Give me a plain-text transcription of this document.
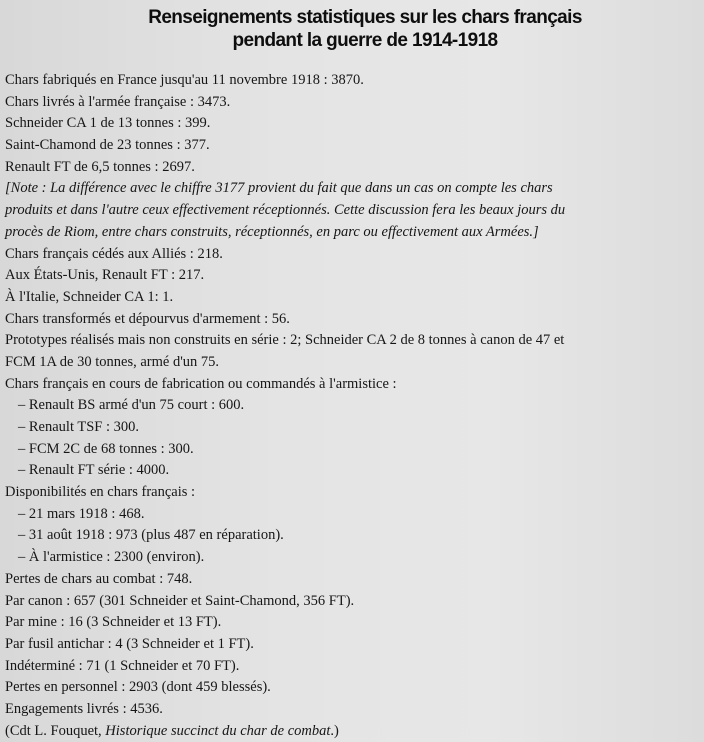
Renseignements statistiques sur les chars français
pendant la guerre de 1914-1918
Chars fabriqués en France jusqu'au 11 novembre 1918 : 3870.
Chars livrés à l'armée française : 3473.
Schneider CA 1 de 13 tonnes : 399.
Saint-Chamond de 23 tonnes : 377.
Renault FT de 6,5 tonnes : 2697.
[Note : La différence avec le chiffre 3177 provient du fait que dans un cas on compte les chars
produits et dans l'autre ceux effectivement réceptionnés. Cette discussion fera les beaux jours du
procès de Riom, entre chars construits, réceptionnés, en parc ou effectivement aux Armées.]
Chars français cédés aux Alliés : 218.
Aux États-Unis, Renault FT : 217.
À l'Italie, Schneider CA 1: 1.
Chars transformés et dépourvus d'armement : 56.
Prototypes réalisés mais non construits en série : 2; Schneider CA 2 de 8 tonnes à canon de 47 et
FCM 1A de 30 tonnes, armé d'un 75.
Chars français en cours de fabrication ou commandés à l'armistice :
– Renault BS armé d'un 75 court : 600.
– Renault TSF : 300.
– FCM 2C de 68 tonnes : 300.
– Renault FT série : 4000.
Disponibilités en chars français :
– 21 mars 1918 : 468.
– 31 août 1918 : 973 (plus 487 en réparation).
– À l'armistice : 2300 (environ).
Pertes de chars au combat : 748.
Par canon : 657 (301 Schneider et Saint-Chamond, 356 FT).
Par mine : 16 (3 Schneider et 13 FT).
Par fusil antichar : 4 (3 Schneider et 1 FT).
Indéterminé : 71 (1 Schneider et 70 FT).
Pertes en personnel : 2903 (dont 459 blessés).
Engagements livrés : 4536.
(Cdt L. Fouquet, Historique succinct du char de combat.)
